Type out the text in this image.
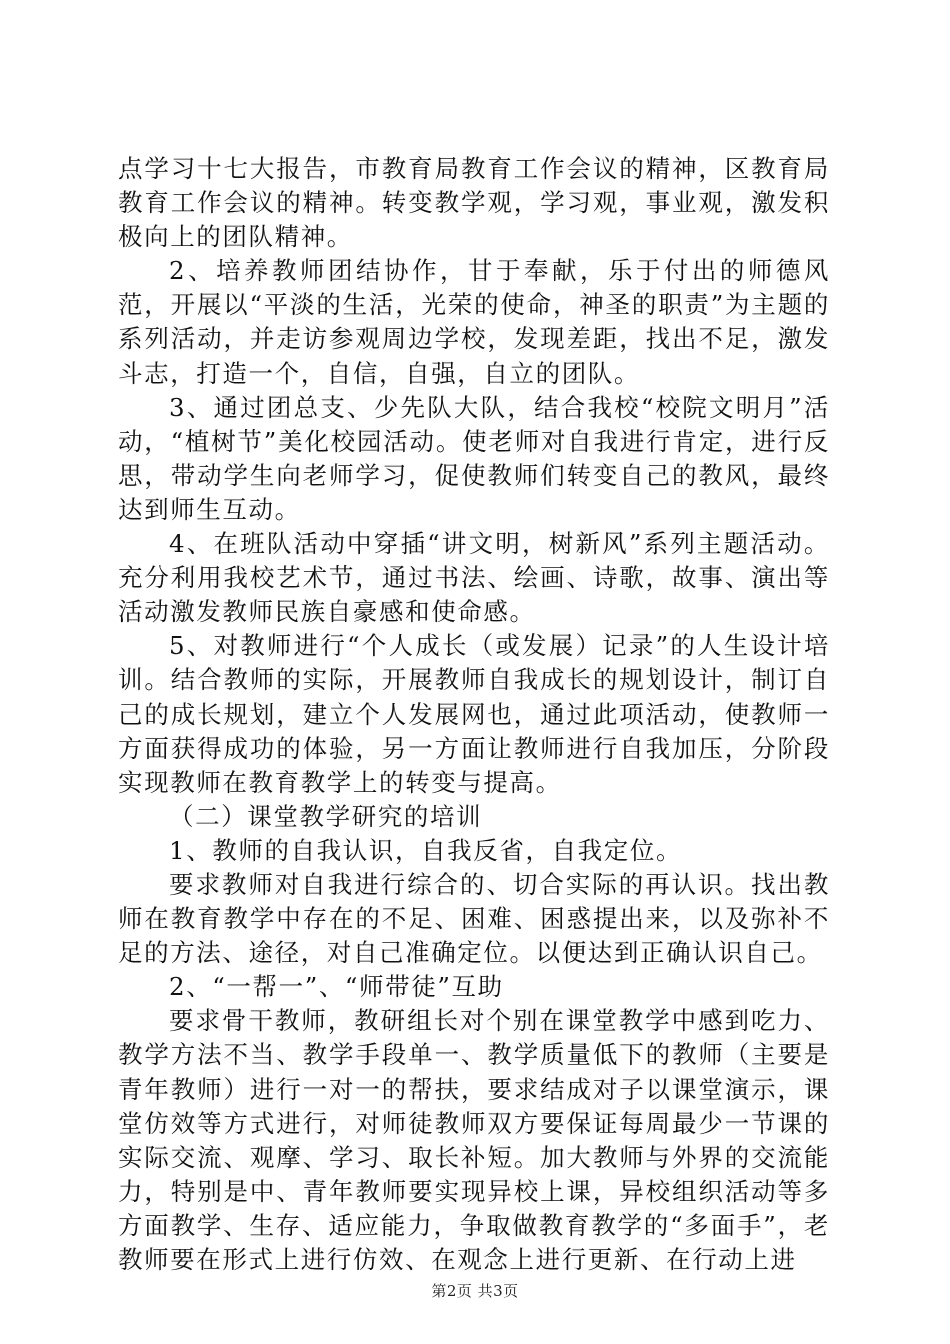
点学习十七大报告，市教育局教育工作会议的精神，区教育局教育工作会议的精神。转变教学观，学习观，事业观，激发积极向上的团队精神。

2、培养教师团结协作，甘于奉献，乐于付出的师德风范，开展以“平淡的生活，光荣的使命，神圣的职责”为主题的系列活动，并走访参观周边学校，发现差距，找出不足，激发斗志，打造一个，自信，自强，自立的团队。

3、通过团总支、少先队大队，结合我校“校院文明月”活动，“植树节”美化校园活动。使老师对自我进行肯定，进行反思，带动学生向老师学习，促使教师们转变自己的教风，最终达到师生互动。

4、在班队活动中穿插“讲文明，树新风”系列主题活动。充分利用我校艺术节，通过书法、绘画、诗歌，故事、演出等活动激发教师民族自豪感和使命感。

5、对教师进行“个人成长（或发展）记录”的人生设计培训。结合教师的实际，开展教师自我成长的规划设计，制订自己的成长规划，建立个人发展网也，通过此项活动，使教师一方面获得成功的体验，另一方面让教师进行自我加压，分阶段实现教师在教育教学上的转变与提高。

（二）课堂教学研究的培训

1、教师的自我认识，自我反省，自我定位。

要求教师对自我进行综合的、切合实际的再认识。找出教师在教育教学中存在的不足、困难、困惑提出来，以及弥补不足的方法、途径，对自己准确定位。以便达到正确认识自己。

2、“一帮一”、“师带徒”互助

要求骨干教师，教研组长对个别在课堂教学中感到吃力、教学方法不当、教学手段单一、教学质量低下的教师（主要是青年教师）进行一对一的帮扶，要求结成对子以课堂演示，课堂仿效等方式进行，对师徒教师双方要保证每周最少一节课的实际交流、观摩、学习、取长补短。加大教师与外界的交流能力，特别是中、青年教师要实现异校上课，异校组织活动等多方面教学、生存、适应能力，争取做教育教学的“多面手”，老教师要在形式上进行仿效、在观念上进行更新、在行动上进

第2页 共3页
